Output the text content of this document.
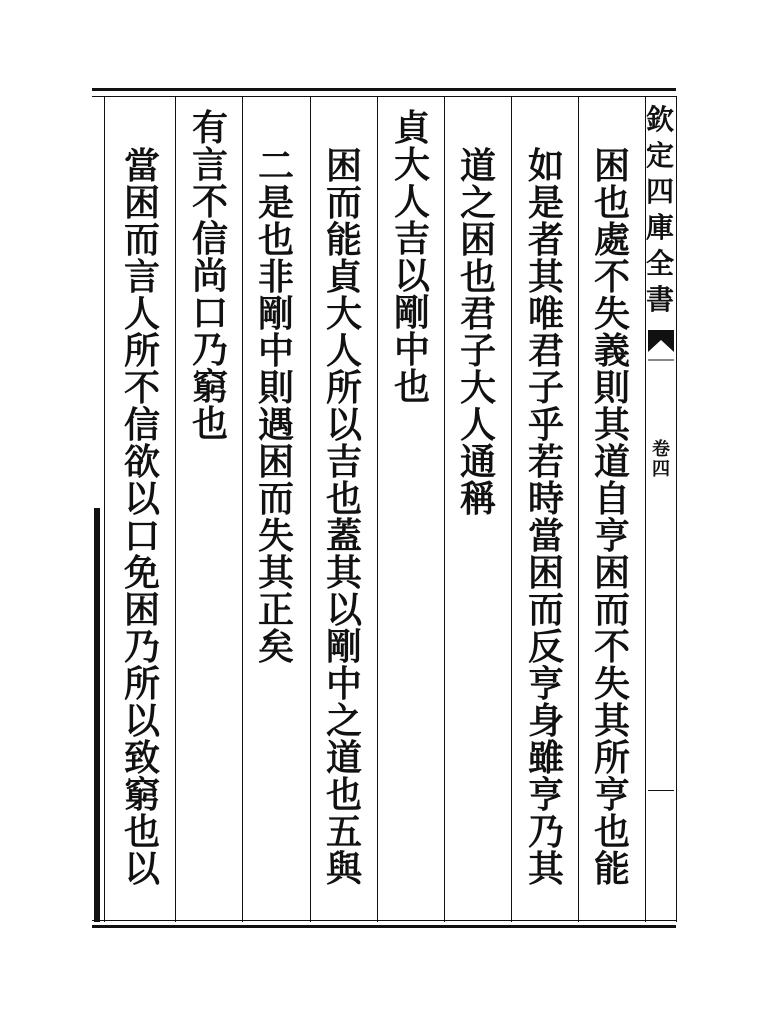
欽
定
四
庫
全
書
卷
四
困
也
處
不
失
義
則
其
道
自
亨
困
而
不
失
其
所
亨
也
能
如
是
者
其
唯
君
子
乎
若
時
當
困
而
反
亨
身
雖
亨
乃
其
道
之
困
也
君
子
大
人
通
稱
貞
大
人
吉
以
剛
中
也
困
而
能
貞
大
人
所
以
吉
也
蓋
其
以
剛
中
之
道
也
五
與
二
是
也
非
剛
中
則
遇
困
而
失
其
正
矣
有
言
不
信
尚
口
乃
窮
也
當
困
而
言
人
所
不
信
欲
以
口
免
困
乃
所
以
致
窮
也
以
